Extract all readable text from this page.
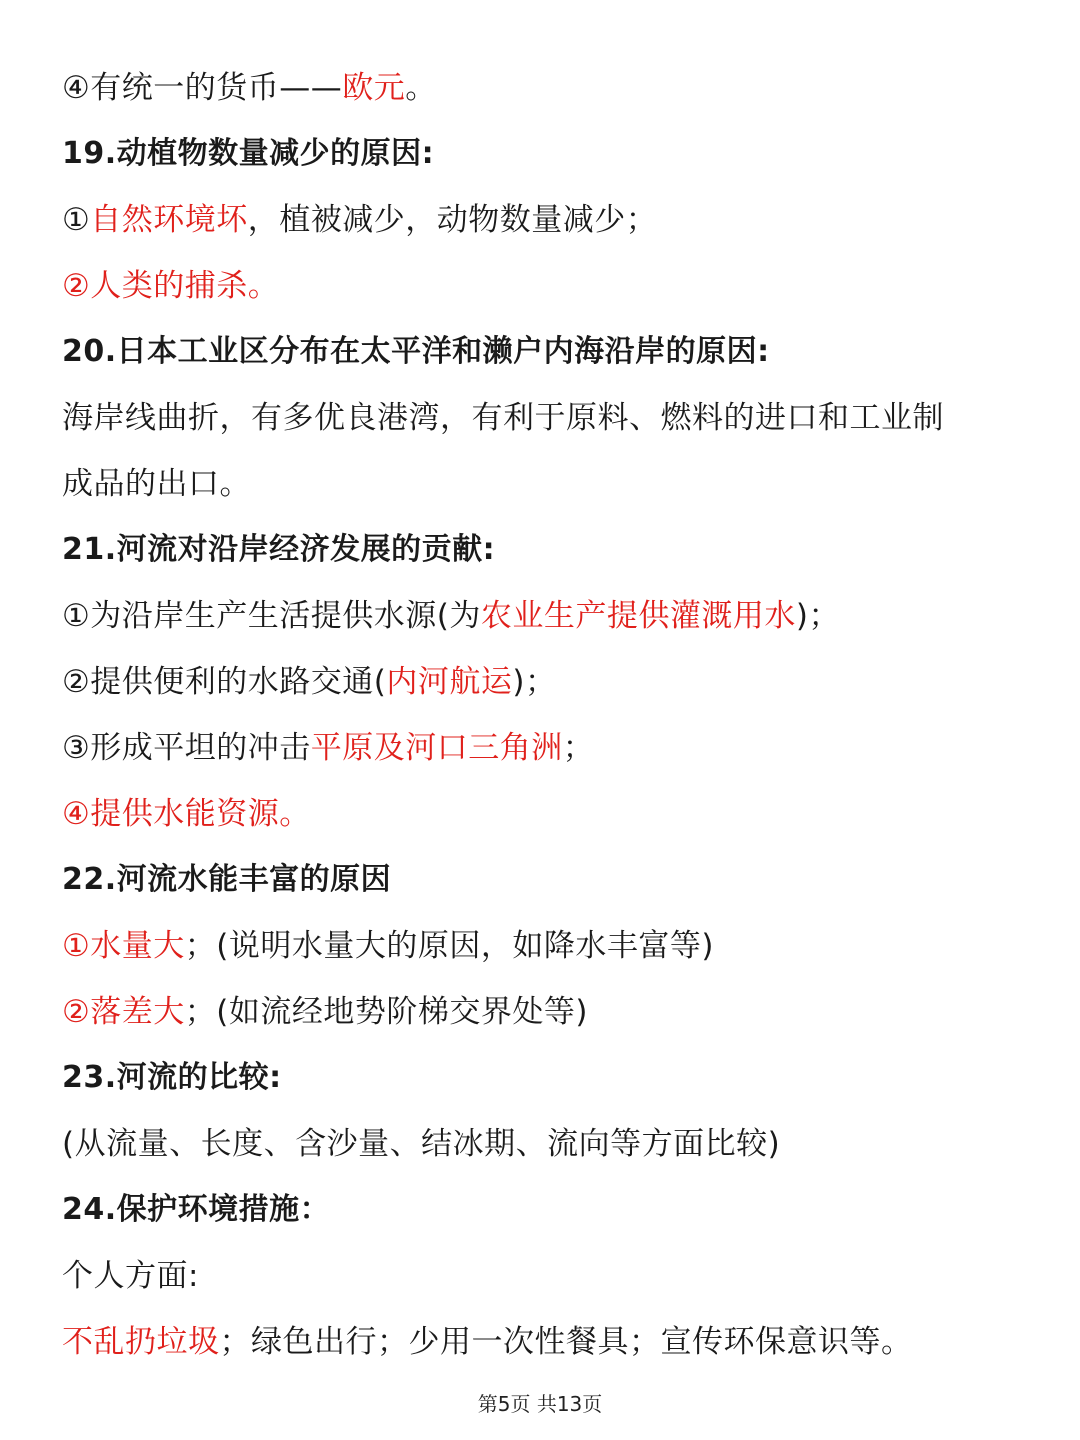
④有统一的货币——欧元。
19.动植物数量减少的原因:
①自然环境坏，植被减少，动物数量减少；
②人类的捕杀。
20.日本工业区分布在太平洋和濑户内海沿岸的原因:
海岸线曲折，有多优良港湾，有利于原料、燃料的进口和工业制
成品的出口。
21.河流对沿岸经济发展的贡献:
①为沿岸生产生活提供水源(为农业生产提供灌溉用水)；
②提供便利的水路交通(内河航运)；
③形成平坦的冲击平原及河口三角洲；
④提供水能资源。
22.河流水能丰富的原因
①水量大；(说明水量大的原因，如降水丰富等)
②落差大；(如流经地势阶梯交界处等)
23.河流的比较:
(从流量、长度、含沙量、结冰期、流向等方面比较)
24.保护环境措施：
个人方面:
不乱扔垃圾；绿色出行；少用一次性餐具；宣传环保意识等。
第5页 共13页
